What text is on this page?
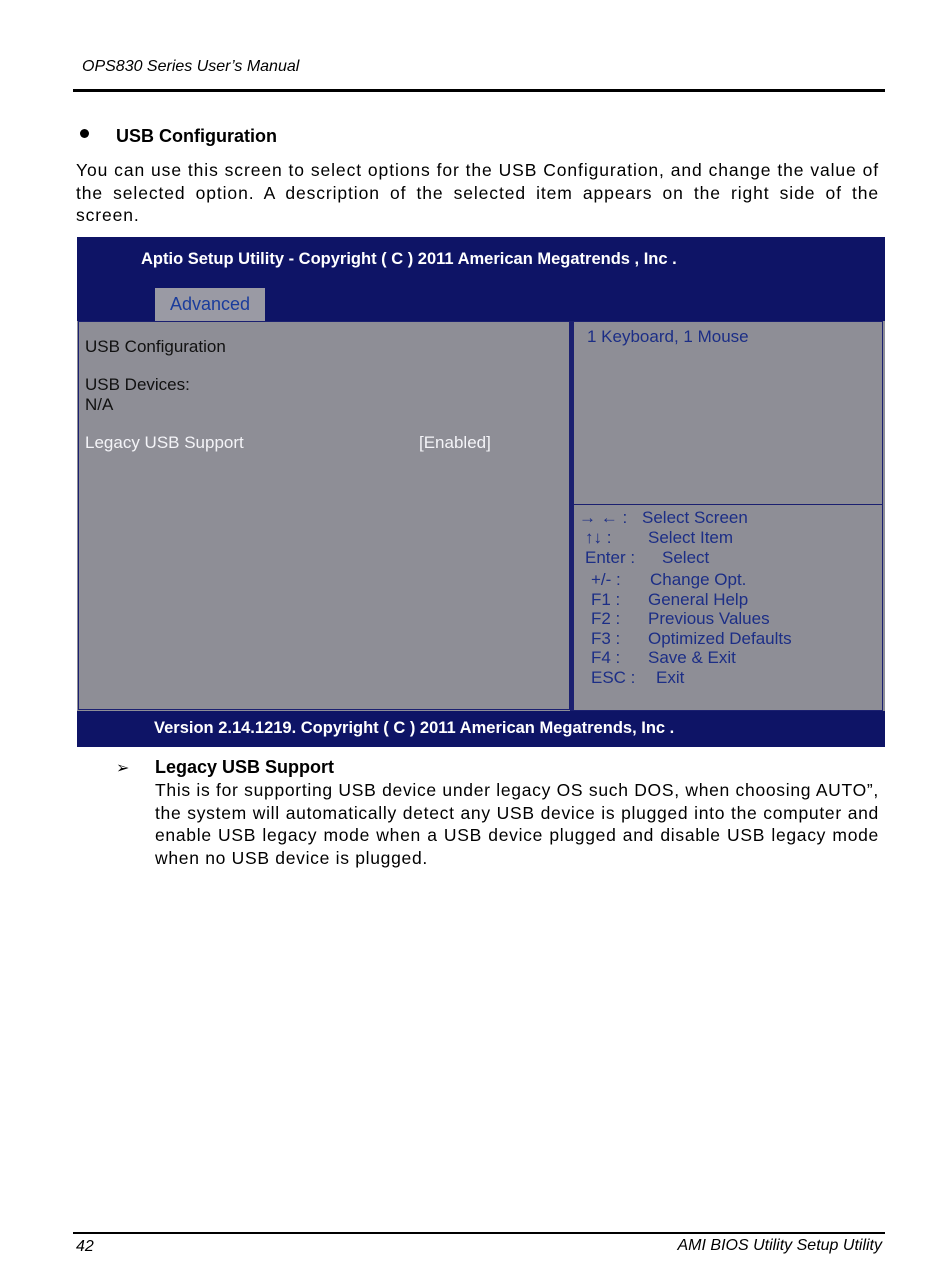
OPS830 Series User’s Manual
USB Configuration

You can use this screen to select options for the USB Configuration, and change the value of the selected option. A description of the selected item appears on the right side of the screen.

Aptio Setup Utility - Copyright ( C ) 2011 American Megatrends , Inc .
Advanced
USB Configuration
USB Devices:
N/A
Legacy USB Support	[Enabled]
1 Keyboard, 1 Mouse
→ ← : Select Screen
↑↓ : Select Item
Enter : Select
+/- : Change Opt.
F1 : General Help
F2 : Previous Values
F3 : Optimized Defaults
F4 : Save & Exit
ESC : Exit
Version 2.14.1219. Copyright ( C ) 2011 American Megatrends, Inc .
➢ Legacy USB Support

This is for supporting USB device under legacy OS such DOS, when choosing AUTO”, the system will automatically detect any USB device is plugged into the computer and enable USB legacy mode when a USB device plugged and disable USB legacy mode when no USB device is plugged.

42	AMI BIOS Utility Setup Utility
